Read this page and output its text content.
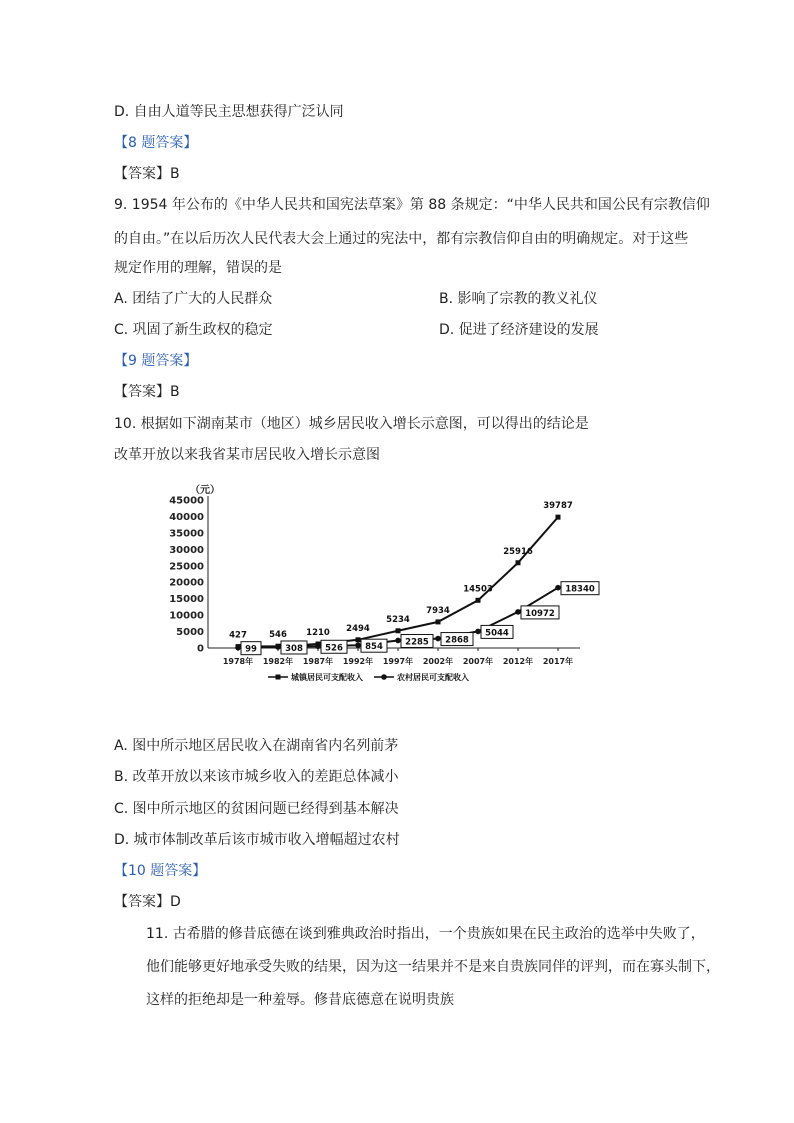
D. 自由人道等民主思想获得广泛认同
【8 题答案】
【答案】B
9. 1954 年公布的《中华人民共和国宪法草案》第 88 条规定：“中华人民共和国公民有宗教信仰
的自由。”在以后历次人民代表大会上通过的宪法中，都有宗教信仰自由的明确规定。对于这些
规定作用的理解，错误的是
A. 团结了广大的人民群众	B. 影响了宗教的教义礼仪
C. 巩固了新生政权的稳定	D. 促进了经济建设的发展
【9 题答案】
【答案】B
10. 根据如下湖南某市（地区）城乡居民收入增长示意图，可以得出的结论是
改革开放以来我省某市居民收入增长示意图
（元）
0
5000
10000
15000
20000
25000
30000
35000
40000
45000
1978年 1982年 1987年 1992年 1997年 2002年 2007年 2012年 2017年
427	546 1210 2494
5234
7934
14503
25916
39787
99	308	526	854	2285 2868
5044
10972
18340
城镇居民可支配收入	农村居民可支配收入
A. 图中所示地区居民收入在湖南省内名列前茅
B. 改革开放以来该市城乡收入的差距总体减小
C. 图中所示地区的贫困问题已经得到基本解决
D. 城市体制改革后该市城市收入增幅超过农村
【10 题答案】
【答案】D
11. 古希腊的修昔底德在谈到雅典政治时指出，一个贵族如果在民主政治的选举中失败了，
他们能够更好地承受失败的结果，因为这一结果并不是来自贵族同伴的评判，而在寡头制下，
这样的拒绝却是一种羞辱。修昔底德意在说明贵族
